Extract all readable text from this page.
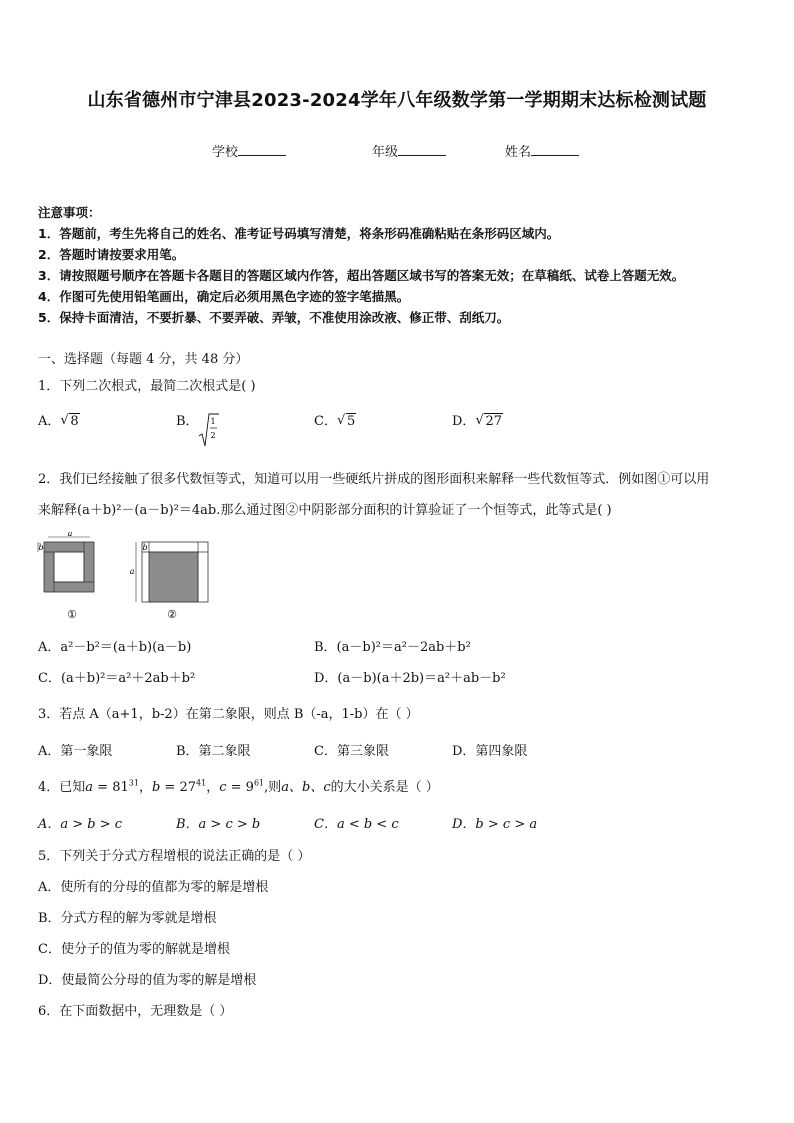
山东省德州市宁津县2023-2024学年八年级数学第一学期期末达标检测试题
学校	年级	姓名
注意事项：
1．答题前，考生先将自己的姓名、准考证号码填写清楚，将条形码准确粘贴在条形码区域内。
2．答题时请按要求用笔。
3．请按照题号顺序在答题卡各题目的答题区域内作答，超出答题区域书写的答案无效；在草稿纸、试卷上答题无效。
4．作图可先使用铅笔画出，确定后必须用黑色字迹的签字笔描黑。
5．保持卡面清洁，不要折暴、不要弄破、弄皱，不准使用涂改液、修正带、刮纸刀。
一、选择题（每题 4 分，共 48 分）
1．下列二次根式，最简二次根式是( )
A． √ 8	B． 1
2
C． √ 5	D． √ 27
2．我们已经接触了很多代数恒等式，知道可以用一些硬纸片拼成的图形面积来解释一些代数恒等式．例如图①可以用
来解释(a＋b)²－(a－b)²＝4ab.那么通过图②中阴影部分面积的计算验证了一个恒等式，此等式是( )
a
b
①
a
b
②
A．a²－b²＝(a＋b)(a－b)	B．(a－b)²＝a²－2ab＋b²
C．(a＋b)²＝a²＋2ab＋b²	D．(a－b)(a＋2b)＝a²＋ab－b²
3．若点 A（a+1，b-2）在第二象限，则点 B（-a，1-b）在（ ）
A．第一象限	B．第二象限	C．第三象限	D．第四象限
4．已知$a = 81^{31}$，$b = 27^{41}$，$c = 9^{61}$,则a、b、c的大小关系是（ ）
A．a > b > c	B．a > c > b	C．a < b < c	D．b > c > a
5．下列关于分式方程增根的说法正确的是（ ）
A．使所有的分母的值都为零的解是增根
B．分式方程的解为零就是增根
C．使分子的值为零的解就是增根
D．使最简公分母的值为零的解是增根
6．在下面数据中，无理数是（ ）
